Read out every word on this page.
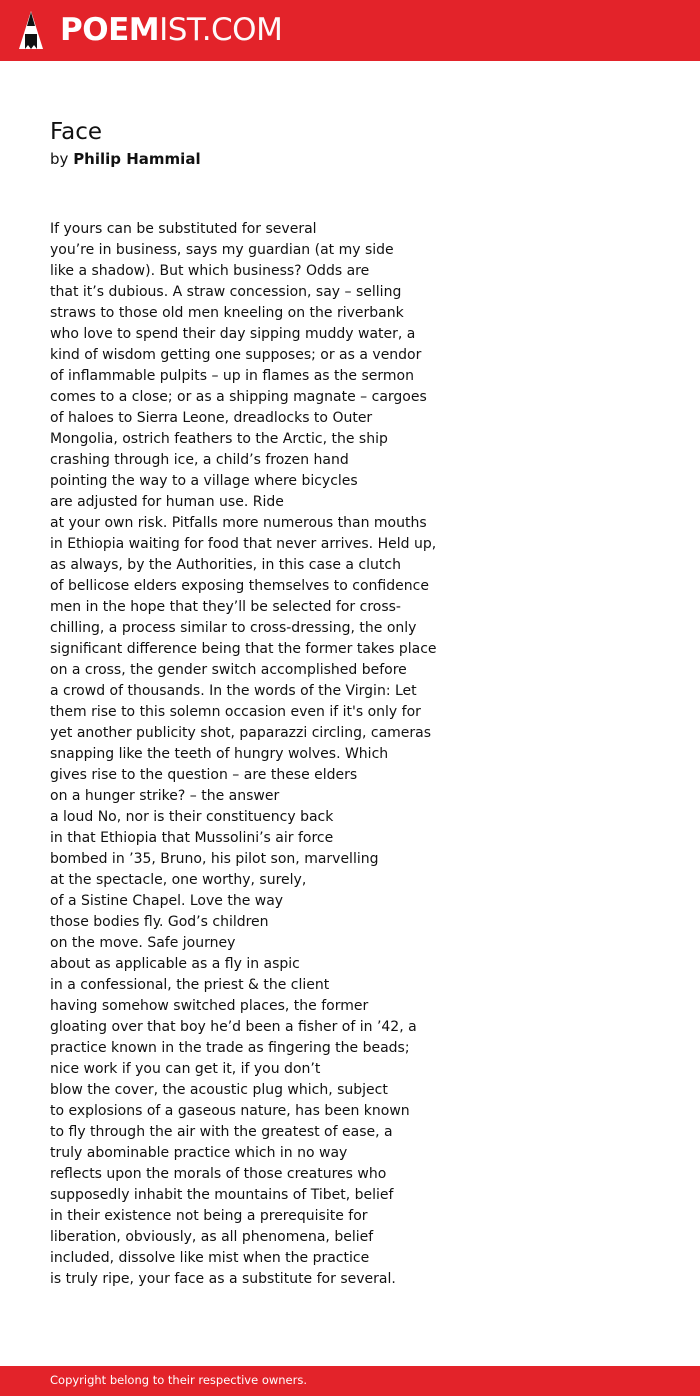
POEMIST.COM
Face
by Philip Hammial
If yours can be substituted for several
you’re in business, says my guardian (at my side
like a shadow). But which business? Odds are
that it’s dubious. A straw concession, say – selling
straws to those old men kneeling on the riverbank
who love to spend their day sipping muddy water, a
kind of wisdom getting one supposes; or as a vendor
of inflammable pulpits – up in flames as the sermon
comes to a close; or as a shipping magnate – cargoes
of haloes to Sierra Leone, dreadlocks to Outer
Mongolia, ostrich feathers to the Arctic, the ship
crashing through ice, a child’s frozen hand
pointing the way to a village where bicycles
are adjusted for human use. Ride
at your own risk. Pitfalls more numerous than mouths
in Ethiopia waiting for food that never arrives. Held up,
as always, by the Authorities, in this case a clutch
of bellicose elders exposing themselves to confidence
men in the hope that they’ll be selected for cross-
chilling, a process similar to cross-dressing, the only
significant difference being that the former takes place
on a cross, the gender switch accomplished before
a crowd of thousands. In the words of the Virgin: Let
them rise to this solemn occasion even if it's only for
yet another publicity shot, paparazzi circling, cameras
snapping like the teeth of hungry wolves. Which
gives rise to the question – are these elders
on a hunger strike? – the answer
a loud No, nor is their constituency back
in that Ethiopia that Mussolini’s air force
bombed in ’35, Bruno, his pilot son, marvelling
at the spectacle, one worthy, surely,
of a Sistine Chapel. Love the way
those bodies fly. God’s children
on the move. Safe journey
about as applicable as a fly in aspic
in a confessional, the priest & the client
having somehow switched places, the former
gloating over that boy he’d been a fisher of in ’42, a
practice known in the trade as fingering the beads;
nice work if you can get it, if you don’t
blow the cover, the acoustic plug which, subject
to explosions of a gaseous nature, has been known
to fly through the air with the greatest of ease, a
truly abominable practice which in no way
reflects upon the morals of those creatures who
supposedly inhabit the mountains of Tibet, belief
in their existence not being a prerequisite for
liberation, obviously, as all phenomena, belief
included, dissolve like mist when the practice
is truly ripe, your face as a substitute for several.
Copyright belong to their respective owners.
